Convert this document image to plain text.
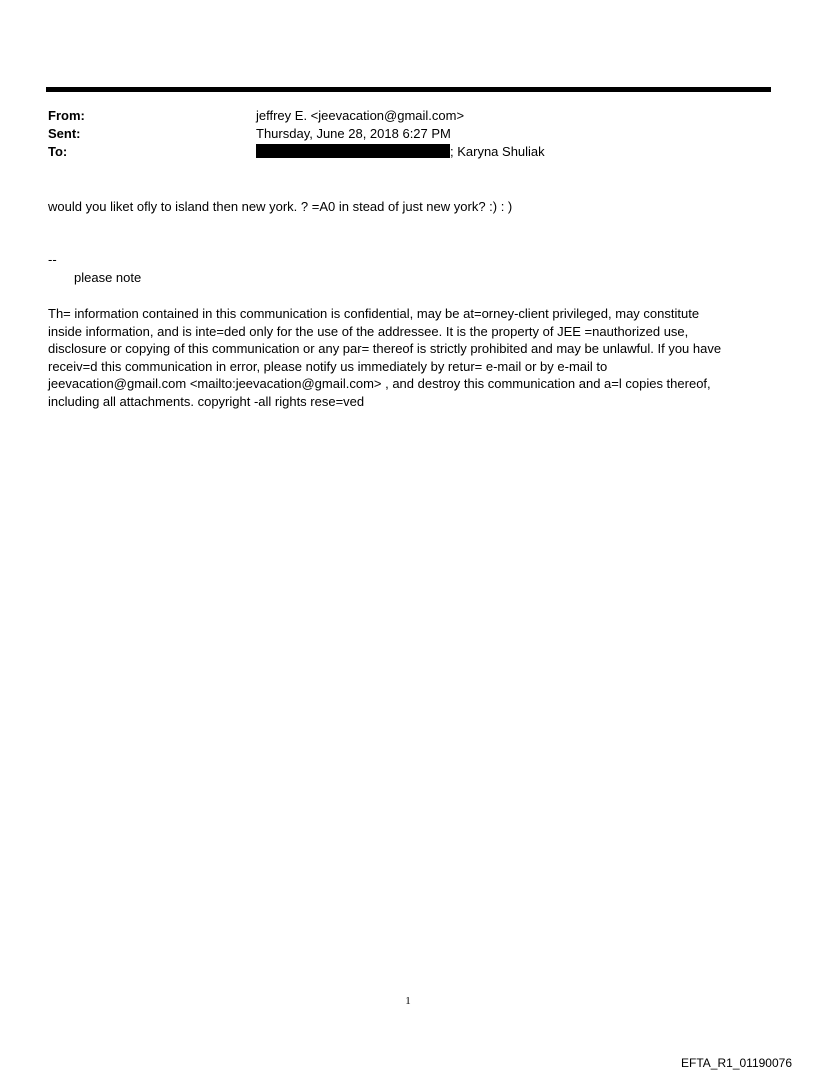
From:	jeffrey E. <jeevacation@gmail.com>
Sent:	Thursday, June 28, 2018 6:27 PM
To:	; Karyna Shuliak
would you liket ofly to island then new york. ? =A0 in stead of just new york? :) : )
--
please note
Th= information contained in this communication is confidential, may be at=orney-client privileged, may constitute
inside information, and is inte=ded only for the use of the addressee. It is the property of JEE =nauthorized use,
disclosure or copying of this communication or any par= thereof is strictly prohibited and may be unlawful. If you have
receiv=d this communication in error, please notify us immediately by retur= e-mail or by e-mail to
jeevacation@gmail.com <mailto:jeevacation@gmail.com> , and destroy this communication and a=l copies thereof,
including all attachments. copyright -all rights rese=ved
1
EFTA_R1_01190076
